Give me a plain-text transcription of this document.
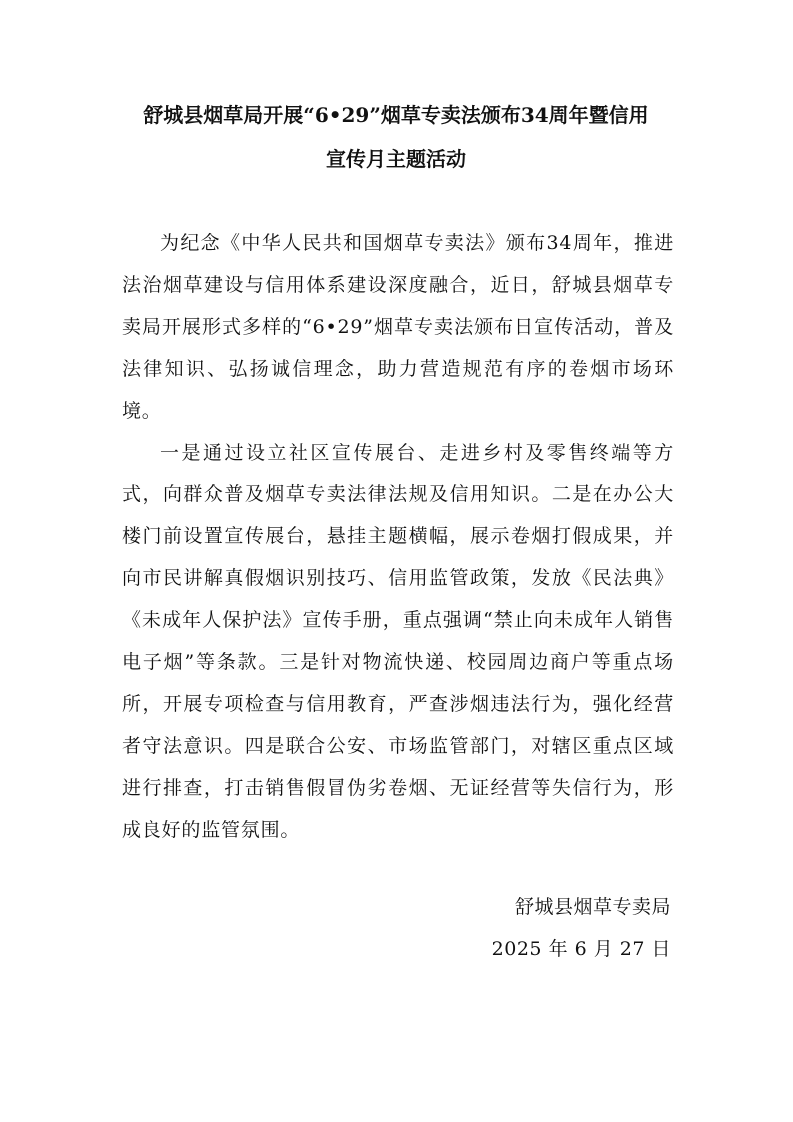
舒城县烟草局开展“6•29”烟草专卖法颁布34周年暨信用
宣传月主题活动

为纪念《中华人民共和国烟草专卖法》颁布34周年，推进法治烟草建设与信用体系建设深度融合，近日，舒城县烟草专卖局开展形式多样的“6•29”烟草专卖法颁布日宣传活动，普及法律知识、弘扬诚信理念，助力营造规范有序的卷烟市场环境。

一是通过设立社区宣传展台、走进乡村及零售终端等方式，向群众普及烟草专卖法律法规及信用知识。二是在办公大楼门前设置宣传展台，悬挂主题横幅，展示卷烟打假成果，并向市民讲解真假烟识别技巧、信用监管政策，发放《民法典》《未成年人保护法》宣传手册，重点强调“禁止向未成年人销售电子烟”等条款。三是针对物流快递、校园周边商户等重点场所，开展专项检查与信用教育，严查涉烟违法行为，强化经营者守法意识。四是联合公安、市场监管部门，对辖区重点区域进行排查，打击销售假冒伪劣卷烟、无证经营等失信行为，形成良好的监管氛围。

舒城县烟草专卖局

2025 年 6 月 27 日
